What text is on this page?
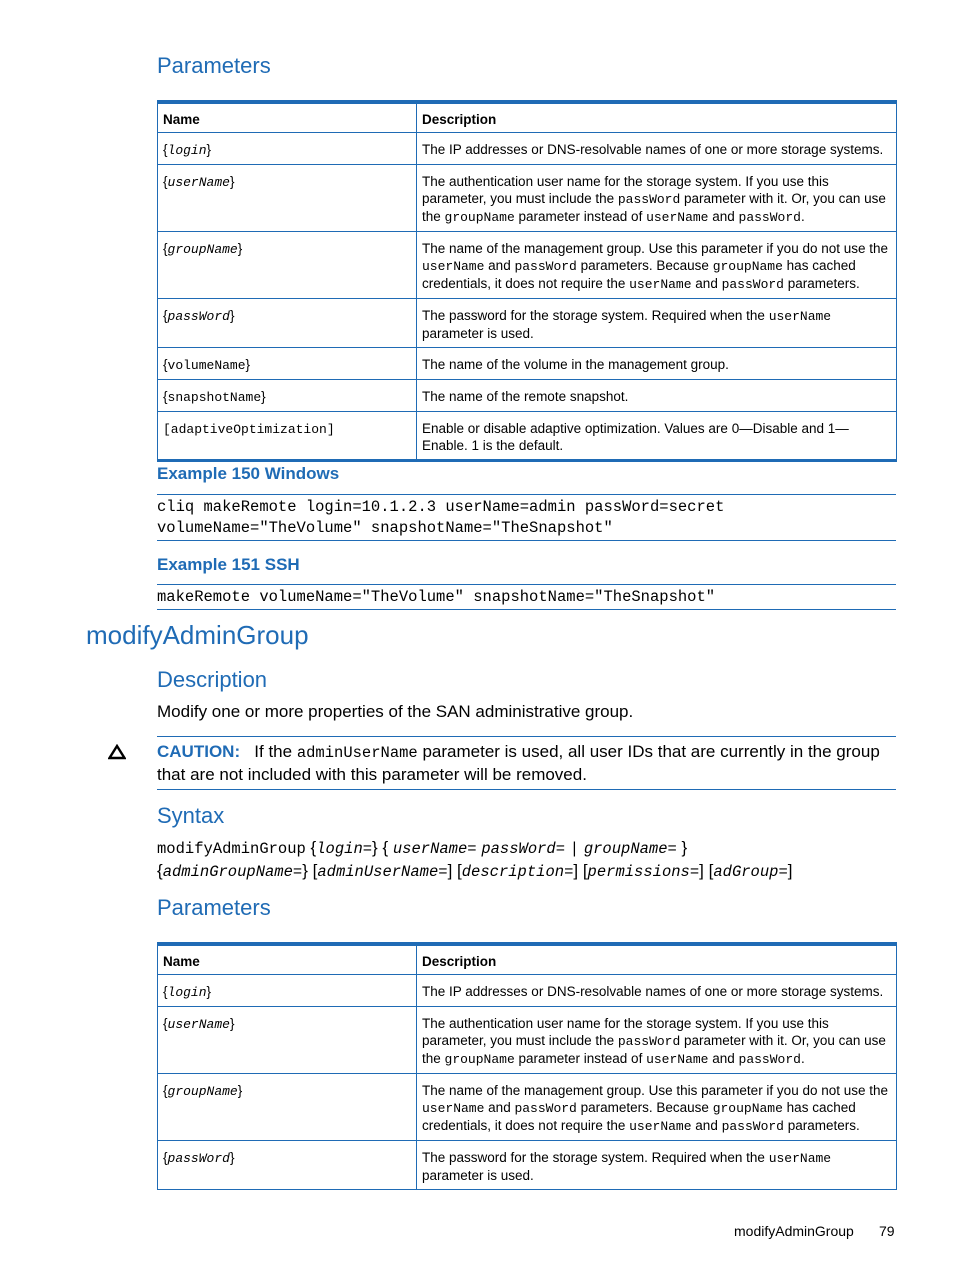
Parameters
Name	Description
{login}	The IP addresses or DNS-resolvable names of one or more storage systems.
{userName}	The authentication user name for the storage system. If you use this parameter, you must include the passWord parameter with it. Or, you can use the groupName parameter instead of userName and passWord.
{groupName}	The name of the management group. Use this parameter if you do not use the userName and passWord parameters. Because groupName has cached credentials, it does not require the userName and passWord parameters.
{passWord}	The password for the storage system. Required when the userName parameter is used.
{volumeName}	The name of the volume in the management group.
{snapshotName}	The name of the remote snapshot.
[adaptiveOptimization]	Enable or disable adaptive optimization. Values are 0—Disable and 1—Enable. 1 is the default.
Example 150 Windows
cliq makeRemote login=10.1.2.3 userName=admin passWord=secret
volumeName="TheVolume" snapshotName="TheSnapshot"
Example 151 SSH
makeRemote volumeName="TheVolume" snapshotName="TheSnapshot"
modifyAdminGroup
Description
Modify one or more properties of the SAN administrative group.
CAUTION: If the adminUserName parameter is used, all user IDs that are currently in the group that are not included with this parameter will be removed.
Syntax
modifyAdminGroup {login=} { userName= passWord= | groupName= }
{adminGroupName=} [adminUserName=] [description=] [permissions=] [adGroup=]
Parameters
Name	Description
{login}	The IP addresses or DNS-resolvable names of one or more storage systems.
{userName}	The authentication user name for the storage system. If you use this parameter, you must include the passWord parameter with it. Or, you can use the groupName parameter instead of userName and passWord.
{groupName}	The name of the management group. Use this parameter if you do not use the userName and passWord parameters. Because groupName has cached credentials, it does not require the userName and passWord parameters.
{passWord}	The password for the storage system. Required when the userName parameter is used.
modifyAdminGroup 79
